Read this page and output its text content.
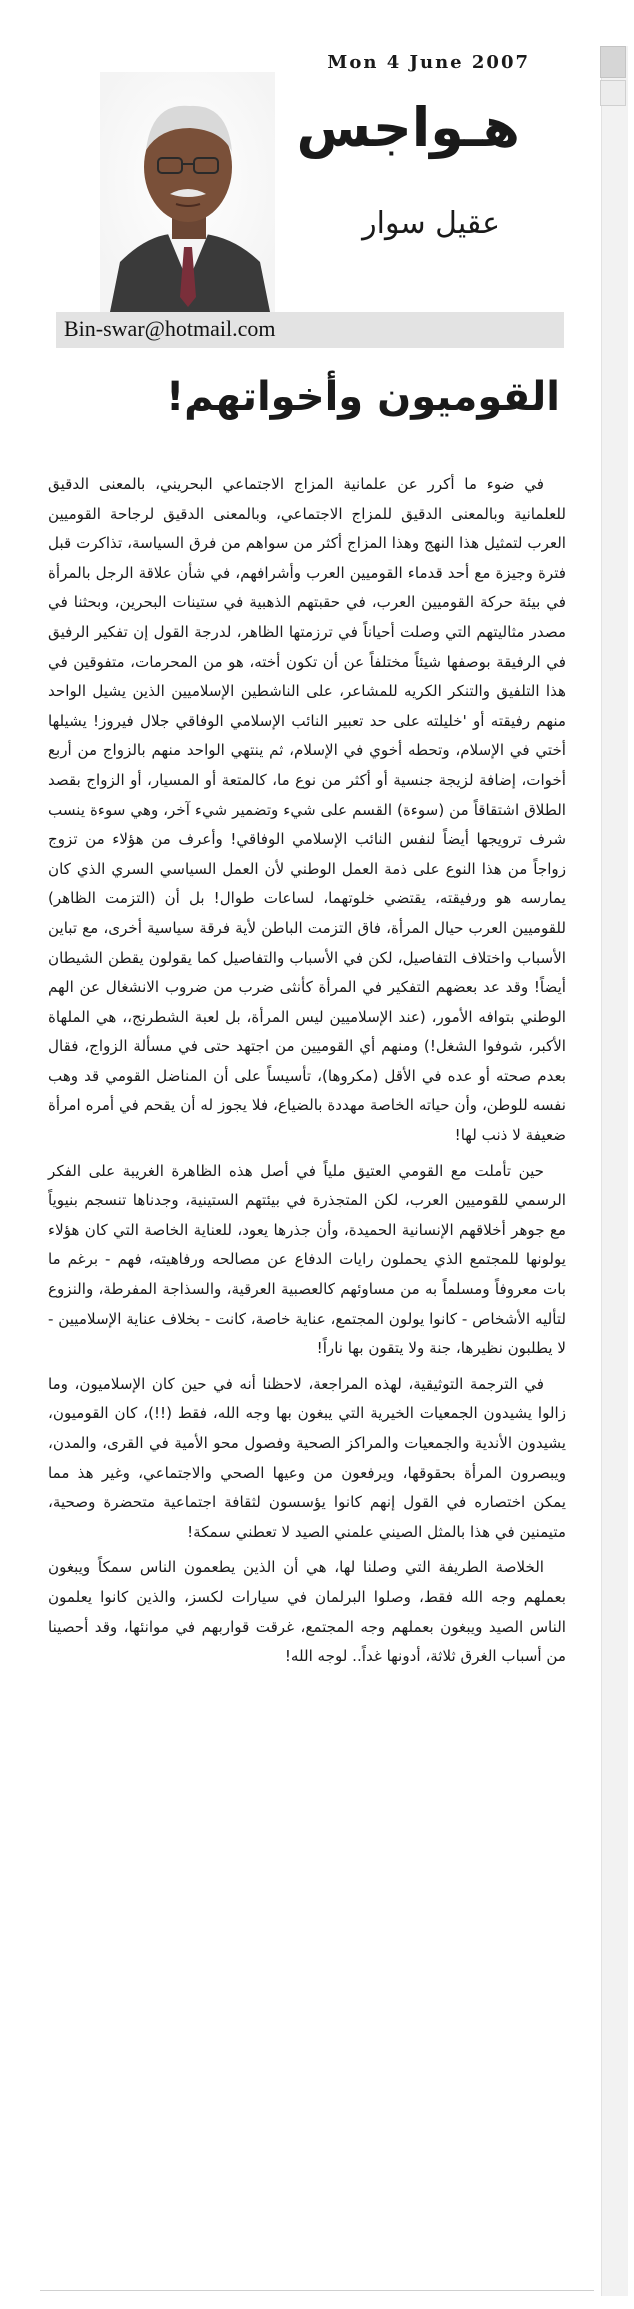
Mon 4 June 2007
هـواجس
عقيل سوار
Bin-swar@hotmail.com
القوميون وأخواتهم!

في ضوء ما أكرر عن علمانية المزاج الاجتماعي البحريني، بالمعنى الدقيق للعلمانية وبالمعنى الدقيق للمزاج الاجتماعي، وبالمعنى الدقيق لرجاحة القوميين العرب لتمثيل هذا النهج وهذا المزاج أكثر من سواهم من فرق السياسة، تذاكرت قبل فترة وجيزة مع أحد قدماء القوميين العرب وأشرافهم، في شأن علاقة الرجل بالمرأة في بيئة حركة القوميين العرب، في حقبتهم الذهبية في ستينات البحرين، وبحثنا في مصدر مثاليتهم التي وصلت أحياناً في ترزمتها الظاهر، لدرجة القول إن تفكير الرفيق في الرفيقة بوصفها شيئاً مختلفاً عن أن تكون أخته، هو من المحرمات، متفوقين في هذا التلفيق والتنكر الكريه للمشاعر، على الناشطين الإسلاميين الذين يشيل الواحد منهم رفيقته أو 'خليلته على حد تعبير النائب الإسلامي الوفاقي جلال فيروز! يشيلها أختي في الإسلام، وتحطه أخوي في الإسلام، ثم ينتهي الواحد منهم بالزواج من أربع أخوات، إضافة لزيجة جنسية أو أكثر من نوع ما، كالمتعة أو المسيار، أو الزواج بقصد الطلاق اشتقاقاً من (سوءة) القسم على شيء وتضمير شيء آخر، وهي سوءة ينسب شرف ترويجها أيضاً لنفس النائب الإسلامي الوفاقي! وأعرف من هؤلاء من تزوج زواجاً من هذا النوع على ذمة العمل الوطني لأن العمل السياسي السري الذي كان يمارسه هو ورفيقته، يقتضي خلوتهما، لساعات طوال! بل أن (التزمت الظاهر) للقوميين العرب حيال المرأة، فاق التزمت الباطن لأية فرقة سياسية أخرى، مع تباين الأسباب واختلاف التفاصيل، لكن في الأسباب والتفاصيل كما يقولون يقطن الشيطان أيضاً! وقد عد بعضهم التفكير في المرأة كأنثى ضرب من ضروب الانشغال عن الهم الوطني بتوافه الأمور، (عند الإسلاميين ليس المرأة، بل لعبة الشطرنج،، هي الملهاة الأكبر، شوفوا الشغل!) ومنهم أي القوميين من اجتهد حتى في مسألة الزواج، فقال بعدم صحته أو عده في الأقل (مكروها)، تأسيساً على أن المناضل القومي قد وهب نفسه للوطن، وأن حياته الخاصة مهددة بالضياع، فلا يجوز له أن يقحم في أمره امرأة ضعيفة لا ذنب لها!

حين تأملت مع القومي العتيق ملياً في أصل هذه الظاهرة الغريبة على الفكر الرسمي للقوميين العرب، لكن المتجذرة في بيئتهم الستينية، وجدناها تنسجم بنيوياً مع جوهر أخلاقهم الإنسانية الحميدة، وأن جذرها يعود، للعناية الخاصة التي كان هؤلاء يولونها للمجتمع الذي يحملون رايات الدفاع عن مصالحه ورفاهيته، فهم - برغم ما بات معروفاً ومسلماً به من مساوئهم كالعصبية العرقية، والسذاجة المفرطة، والنزوع لتأليه الأشخاص - كانوا يولون المجتمع، عناية خاصة، كانت - بخلاف عناية الإسلاميين - لا يطلبون نظيرها، جنة ولا يتقون بها ناراً!

في الترجمة التوثيقية، لهذه المراجعة، لاحظنا أنه في حين كان الإسلاميون، وما زالوا يشيدون الجمعيات الخيرية التي يبغون بها وجه الله، فقط (!!)، كان القوميون، يشيدون الأندية والجمعيات والمراكز الصحية وفصول محو الأمية في القرى، والمدن، ويبصرون المرأة بحقوقها، ويرفعون من وعيها الصحي والاجتماعي، وغير هذ مما يمكن اختصاره في القول إنهم كانوا يؤسسون لثقافة اجتماعية متحضرة وصحية، متيمنين في هذا بالمثل الصيني علمني الصيد لا تعطني سمكة!

الخلاصة الطريفة التي وصلنا لها، هي أن الذين يطعمون الناس سمكاً ويبغون بعملهم وجه الله فقط، وصلوا البرلمان في سيارات لكسز، والذين كانوا يعلمون الناس الصيد ويبغون بعملهم وجه المجتمع، غرقت قواربهم في موانئها، وقد أحصينا من أسباب الغرق ثلاثة، أدونها غداً.. لوجه الله!
